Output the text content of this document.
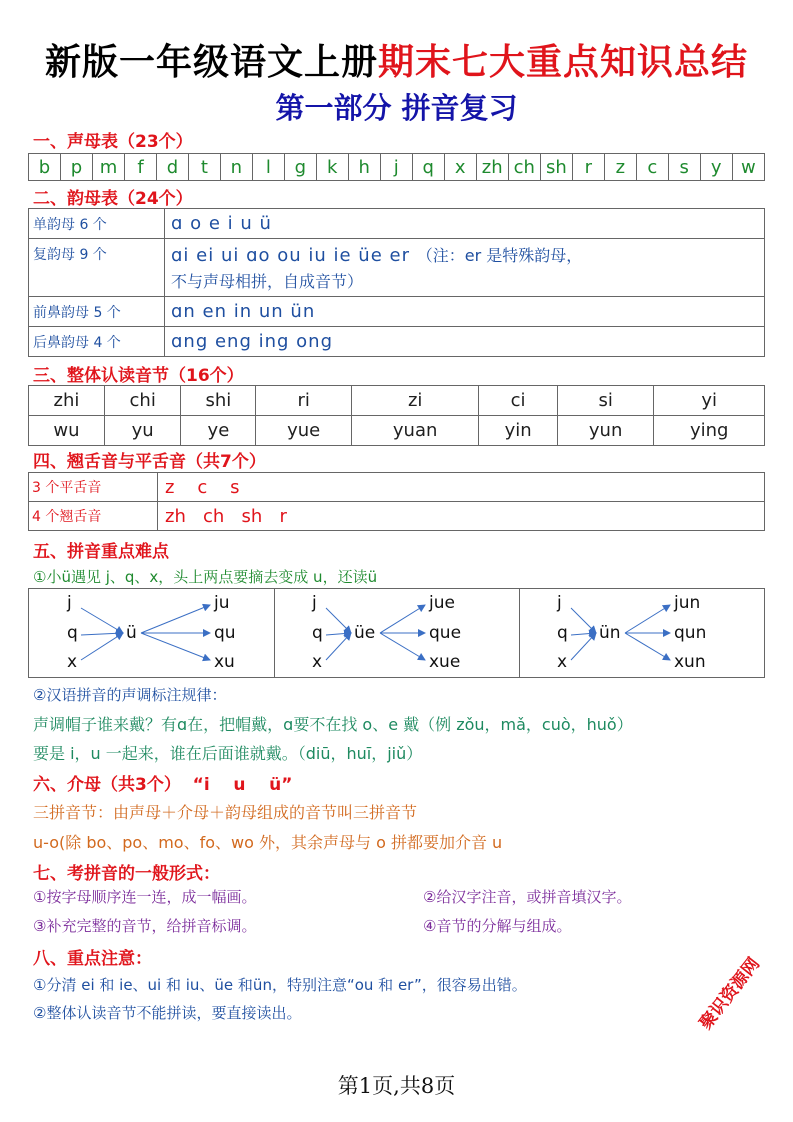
新版一年级语文上册期末七大重点知识总结
第一部分 拼音复习
一、声母表（23个）
b	p	m	f	d	t	n	l	g	k	h	j	q	x	zh	ch	sh	r	z	c	s	y	w
二、韵母表（24个）
单韵母 6 个	ɑ o e i u ü
复韵母 9 个	ɑi ei ui ɑo ou iu ie üe er （注：er 是特殊韵母，
不与声母相拼，自成音节）
前鼻韵母 5 个	ɑn en in un ün
后鼻韵母 4 个	ɑng eng ing ong
三、整体认读音节（16个）
zhi	chi	shi	ri	zi	ci	si	yi
wu	yu	ye	yue	yuan	yin	yun	ying
四、翘舌音与平舌音（共7个）
3 个平舌音	z    c    s
4 个翘舌音	zh   ch   sh   r
五、拼音重点难点
①小ü遇见 j、q、x，头上两点要摘去变成 u，还读ü
j
q
x
ü
ju
qu
xu
j
q
x
üe
jue
que
xue
j
q
x
ün
jun
qun
xun
②汉语拼音的声调标注规律：
声调帽子谁来戴？有ɑ在，把帽戴，ɑ要不在找 o、e 戴（例 zǒu，mǎ，cuò，huǒ）
要是 i，u 一起来，谁在后面谁就戴。（diū，huī，jiǔ）
六、介母（共3个）  “i    u    ü”
三拼音节：由声母＋介母＋韵母组成的音节叫三拼音节
u-o(除 bo、po、mo、fo、wo 外，其余声母与 o 拼都要加介音 u
七、考拼音的一般形式：
①按字母顺序连一连，成一幅画。	②给汉字注音，或拼音填汉字。
③补充完整的音节，给拼音标调。	④音节的分解与组成。
八、重点注意：
①分清 ei 和 ie、ui 和 iu、üe 和ün，特别注意“ou 和 er”，很容易出错。
②整体认读音节不能拼读，要直接读出。	聚识资源网
第1页,共8页
